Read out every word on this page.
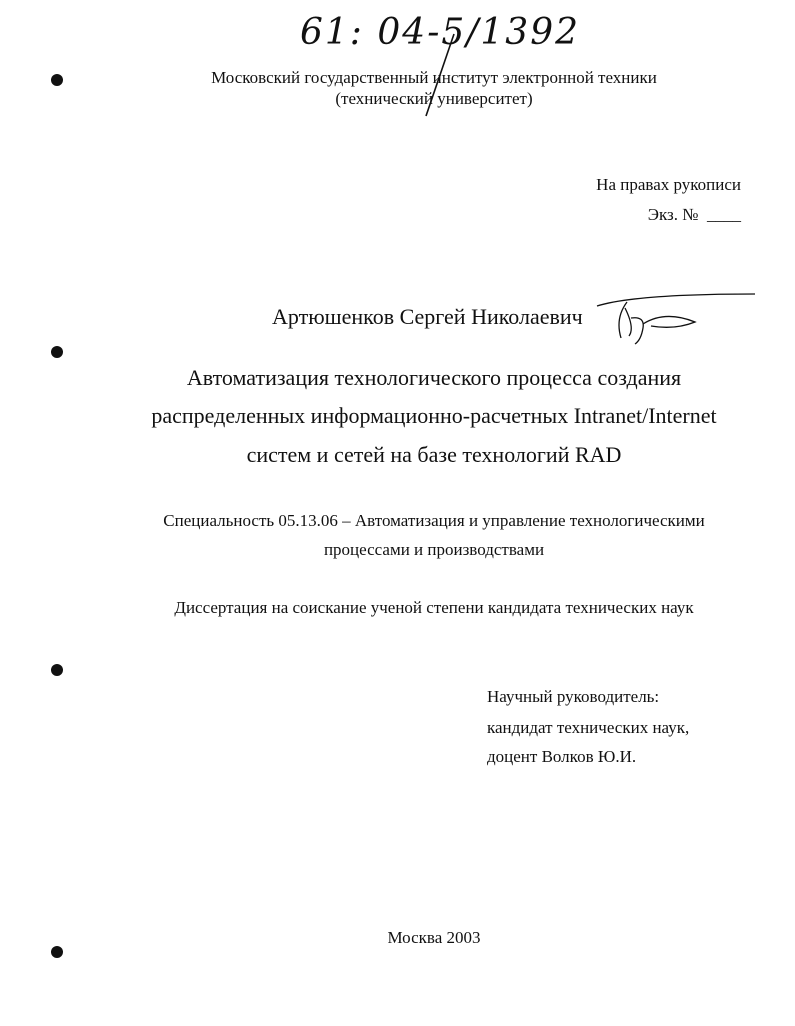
61: 04-5/1392
Московский государственный институт электронной техники
(технический университет)
На правах рукописи
Экз. № ____
Артюшенков Сергей Николаевич
Автоматизация технологического процесса создания
распределенных информационно-расчетных Intranet/Internet
систем и сетей на базе технологий RAD
Специальность 05.13.06 – Автоматизация и управление технологическими
процессами и производствами
Диссертация на соискание ученой степени кандидата технических наук
Научный руководитель:
кандидат технических наук,
доцент Волков Ю.И.
Москва 2003
